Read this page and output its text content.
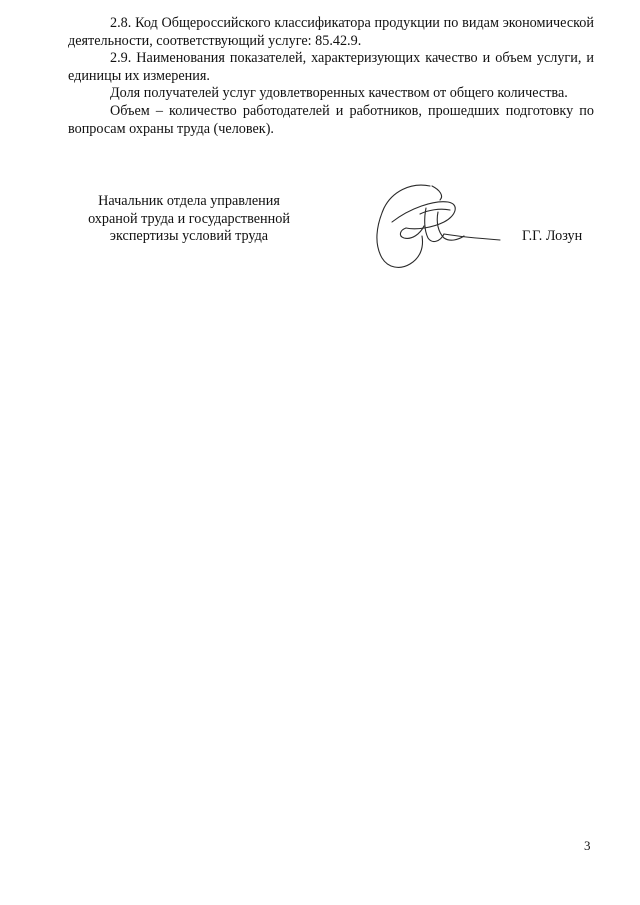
2.8. Код Общероссийского классификатора продукции по видам экономической деятельности, соответствующий услуге: 85.42.9.

2.9. Наименования показателей, характеризующих качество и объем услуги, и единицы их измерения.

Доля получателей услуг удовлетворенных качеством от общего количества.

Объем – количество работодателей и работников, прошедших подготовку по вопросам охраны труда (человек).

Начальник отдела управления
охраной труда и государственной
экспертизы условий труда	Г.Г. Лозун
3
